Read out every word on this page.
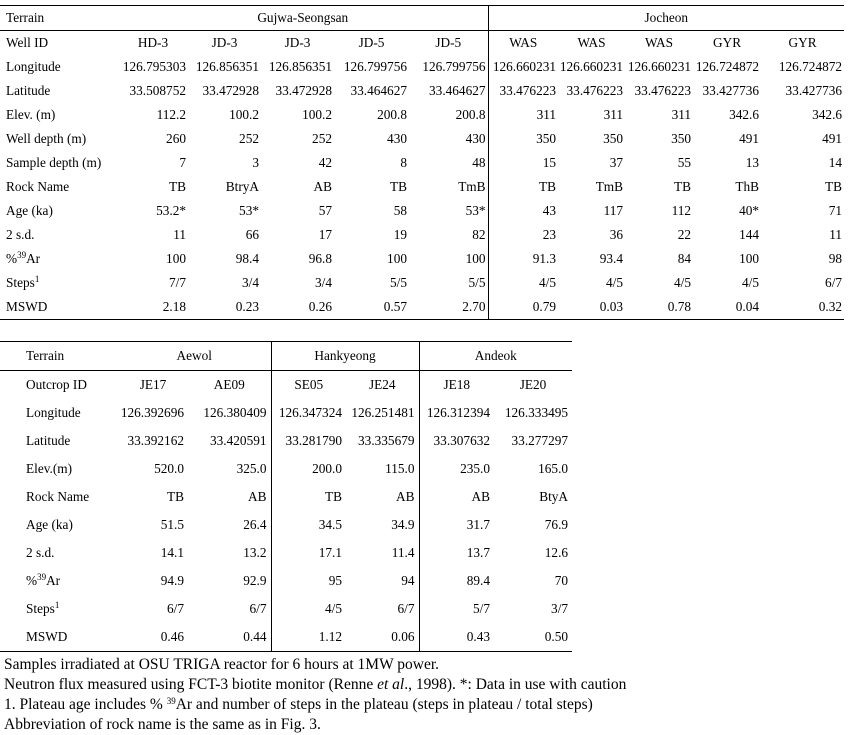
Terrain	Gujwa-Seongsan					Jocheon				
Well ID	HD-3	JD-3	JD-3	JD-5	JD-5	WAS	WAS	WAS	GYR	GYR
Longitude	126.795303	126.856351	126.856351	126.799756	126.799756	126.660231	126.660231	126.660231	126.724872	126.724872
Latitude	33.508752	33.472928	33.472928	33.464627	33.464627	33.476223	33.476223	33.476223	33.427736	33.427736
Elev. (m)	112.2	100.2	100.2	200.8	200.8	311	311	311	342.6	342.6
Well depth (m)	260	252	252	430	430	350	350	350	491	491
Sample depth (m)	7	3	42	8	48	15	37	55	13	14
Rock Name	TB	BtryA	AB	TB	TmB	TB	TmB	TB	ThB	TB
Age (ka)	53.2*	53*	57	58	53*	43	117	112	40*	71
2 s.d.	11	66	17	19	82	23	36	22	144	11
%$^{39}$Ar	100	98.4	96.8	100	100	91.3	93.4	84	100	98
Steps$^1$	7/7	3/4	3/4	5/5	5/5	4/5	4/5	4/5	4/5	6/7
MSWD	2.18	0.23	0.26	0.57	2.70	0.79	0.03	0.78	0.04	0.32
Terrain	Aewol		Hankyeong		Andeok	
Outcrop ID	JE17	AE09	SE05	JE24	JE18	JE20
Longitude	126.392696	126.380409	126.347324	126.251481	126.312394	126.333495
Latitude	33.392162	33.420591	33.281790	33.335679	33.307632	33.277297
Elev.(m)	520.0	325.0	200.0	115.0	235.0	165.0
Rock Name	TB	AB	TB	AB	AB	BtyA
Age (ka)	51.5	26.4	34.5	34.9	31.7	76.9
2 s.d.	14.1	13.2	17.1	11.4	13.7	12.6
%$^{39}$Ar	94.9	92.9	95	94	89.4	70
Steps$^1$	6/7	6/7	4/5	6/7	5/7	3/7
MSWD	0.46	0.44	1.12	0.06	0.43	0.50
Samples irradiated at OSU TRIGA reactor for 6 hours at 1MW power.
Neutron flux measured using FCT-3 biotite monitor (Renne et al., 1998). *: Data in use with caution
1. Plateau age includes % $^{39}$Ar and number of steps in the plateau (steps in plateau / total steps)
Abbreviation of rock name is the same as in Fig. 3.
